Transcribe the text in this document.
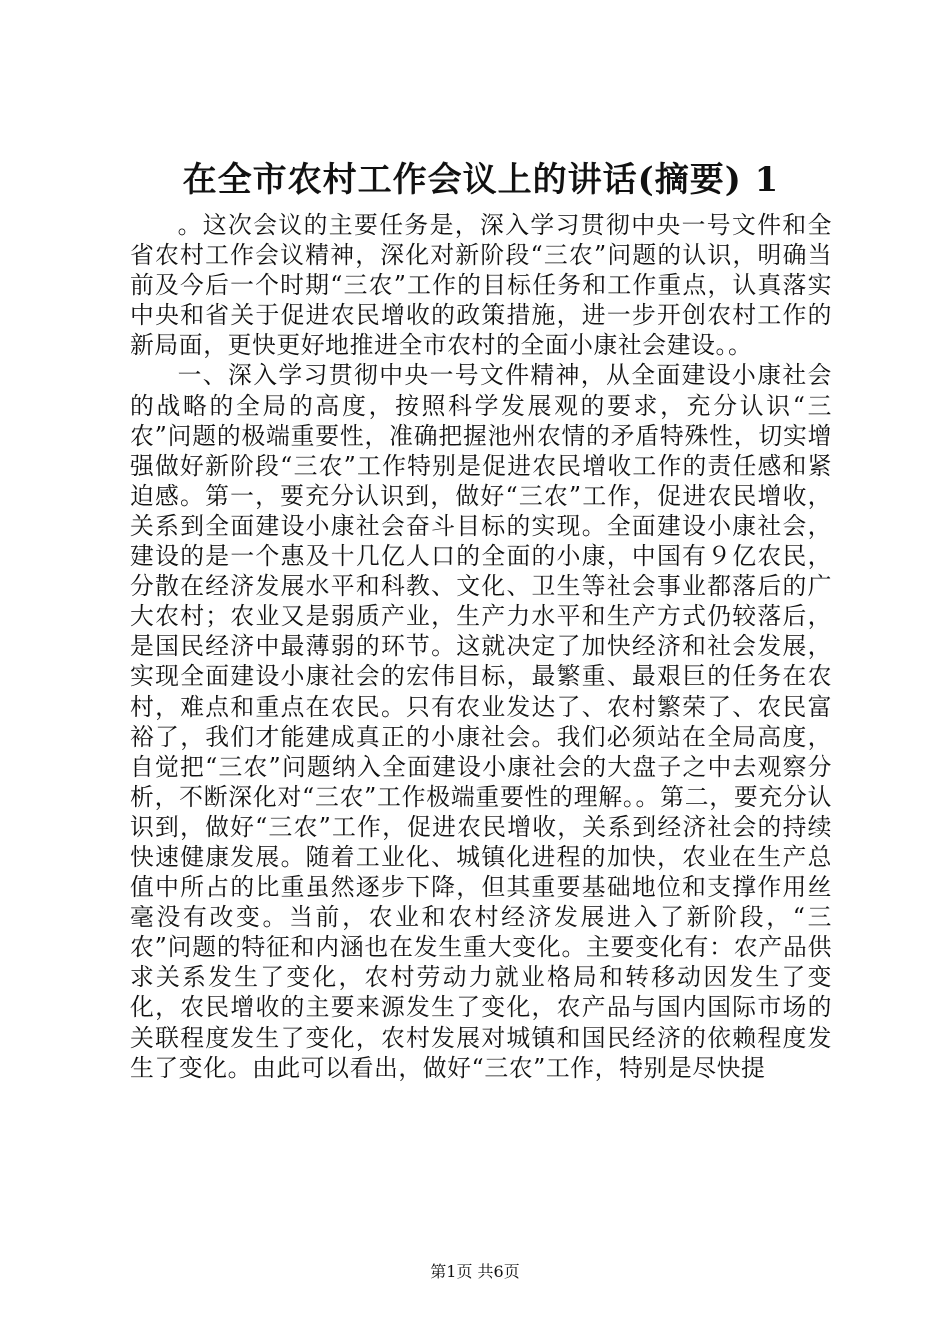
在全市农村工作会议上的讲话(摘要) 1

。这次会议的主要任务是，深入学习贯彻中央一号文件和全省农村工作会议精神，深化对新阶段“三农”问题的认识，明确当前及今后一个时期“三农”工作的目标任务和工作重点，认真落实中央和省关于促进农民增收的政策措施，进一步开创农村工作的新局面，更快更好地推进全市农村的全面小康社会建设。。

一、深入学习贯彻中央一号文件精神，从全面建设小康社会的战略的全局的高度，按照科学发展观的要求，充分认识“三农”问题的极端重要性，准确把握池州农情的矛盾特殊性，切实增强做好新阶段“三农”工作特别是促进农民增收工作的责任感和紧迫感。第一，要充分认识到，做好“三农”工作，促进农民增收，关系到全面建设小康社会奋斗目标的实现。全面建设小康社会，建设的是一个惠及十几亿人口的全面的小康，中国有９亿农民，分散在经济发展水平和科教、文化、卫生等社会事业都落后的广大农村；农业又是弱质产业，生产力水平和生产方式仍较落后，是国民经济中最薄弱的环节。这就决定了加快经济和社会发展，实现全面建设小康社会的宏伟目标，最繁重、最艰巨的任务在农村，难点和重点在农民。只有农业发达了、农村繁荣了、农民富裕了，我们才能建成真正的小康社会。我们必须站在全局高度，自觉把“三农”问题纳入全面建设小康社会的大盘子之中去观察分析，不断深化对“三农”工作极端重要性的理解。。第二，要充分认识到，做好“三农”工作，促进农民增收，关系到经济社会的持续快速健康发展。随着工业化、城镇化进程的加快，农业在生产总值中所占的比重虽然逐步下降，但其重要基础地位和支撑作用丝毫没有改变。当前，农业和农村经济发展进入了新阶段，“三农”问题的特征和内涵也在发生重大变化。主要变化有：农产品供求关系发生了变化，农村劳动力就业格局和转移动因发生了变化，农民增收的主要来源发生了变化，农产品与国内国际市场的关联程度发生了变化，农村发展对城镇和国民经济的依赖程度发生了变化。由此可以看出，做好“三农”工作，特别是尽快提

第1页 共6页
